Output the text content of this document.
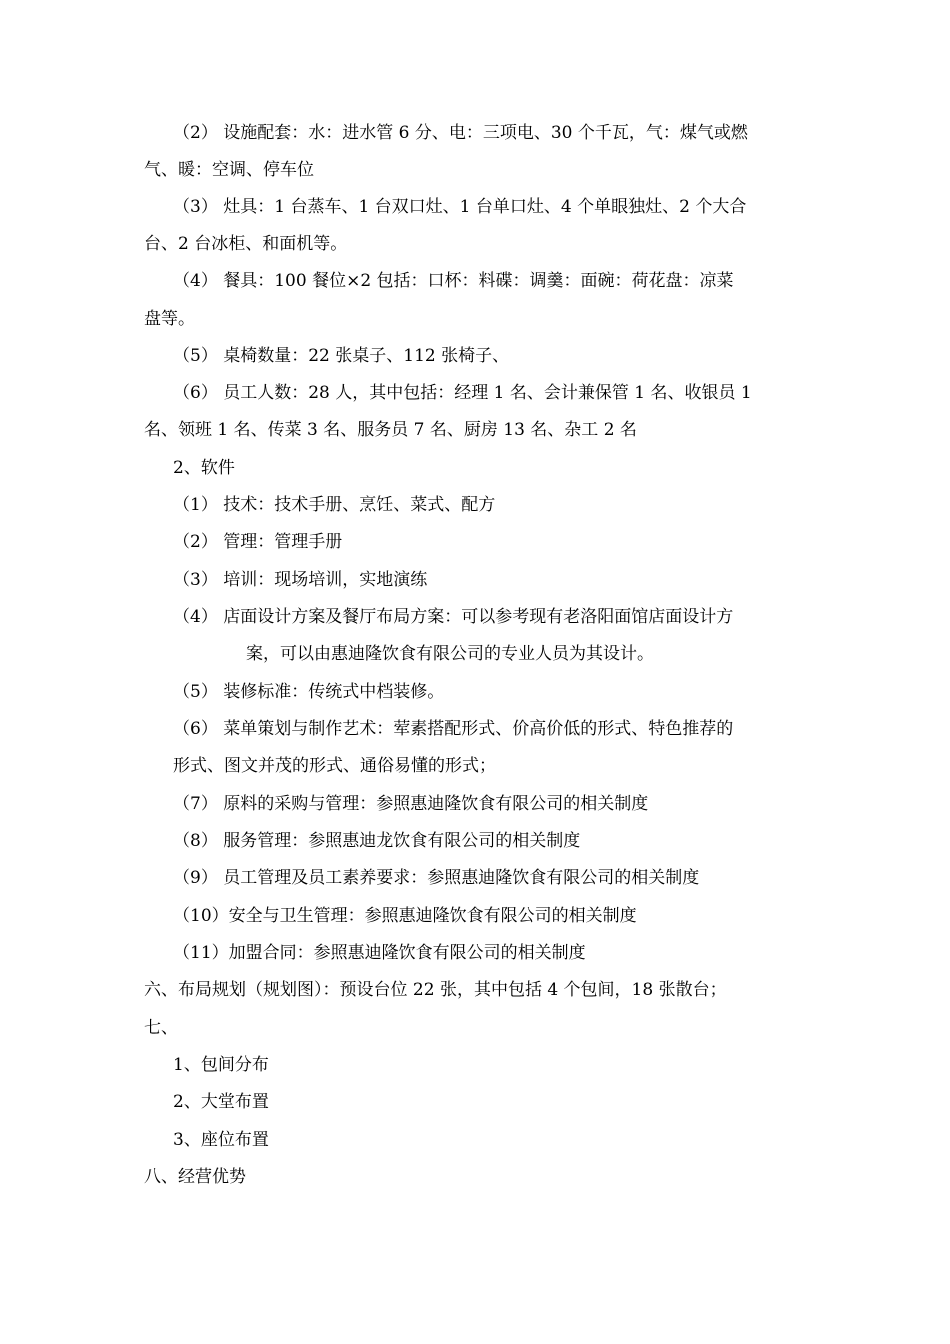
（2） 设施配套：水：进水管 6 分、电：三项电、30 个千瓦，气：煤气或燃

气、暖：空调、停车位

（3） 灶具：1 台蒸车、1 台双口灶、1 台单口灶、4 个单眼独灶、2 个大合

台、2 台冰柜、和面机等。

（4） 餐具：100 餐位×2 包括：口杯：料碟：调羹：面碗：荷花盘：凉菜

盘等。

（5） 桌椅数量：22 张桌子、112 张椅子、

（6） 员工人数：28 人，其中包括：经理 1 名、会计兼保管 1 名、收银员 1

名、领班 1 名、传菜 3 名、服务员 7 名、厨房 13 名、杂工 2 名

2、软件

（1） 技术：技术手册、烹饪、菜式、配方

（2） 管理：管理手册

（3） 培训：现场培训，实地演练

（4） 店面设计方案及餐厅布局方案：可以参考现有老洛阳面馆店面设计方

案，可以由惠迪隆饮食有限公司的专业人员为其设计。

（5） 装修标准：传统式中档装修。

（6） 菜单策划与制作艺术：荤素搭配形式、价高价低的形式、特色推荐的

形式、图文并茂的形式、通俗易懂的形式；

（7） 原料的采购与管理：参照惠迪隆饮食有限公司的相关制度

（8） 服务管理：参照惠迪龙饮食有限公司的相关制度

（9） 员工管理及员工素养要求：参照惠迪隆饮食有限公司的相关制度

（10）安全与卫生管理：参照惠迪隆饮食有限公司的相关制度

（11）加盟合同：参照惠迪隆饮食有限公司的相关制度

六、布局规划（规划图）：预设台位 22 张，其中包括 4 个包间，18 张散台；

七、

1、包间分布

2、大堂布置

3、座位布置

八、经营优势
